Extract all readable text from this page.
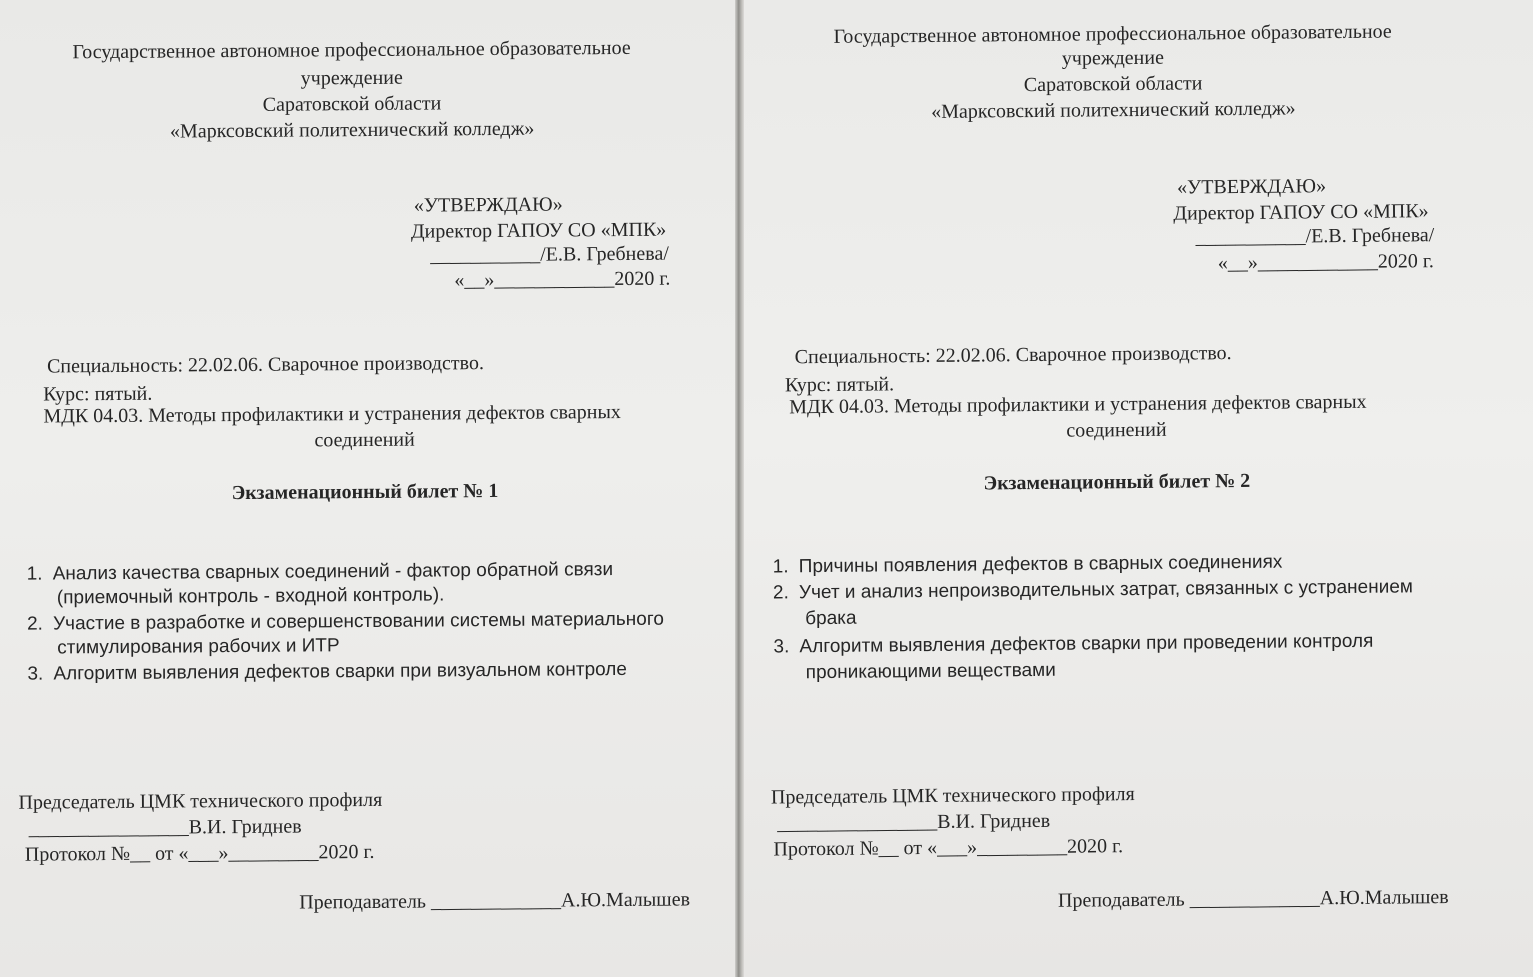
Государственное автономное профессиональное образовательное
учреждение
Саратовской области
«Марксовский политехнический колледж»
«УТВЕРЖДАЮ»
Директор ГАПОУ СО «МПК»
___________/Е.В. Гребнева/
«__»____________2020 г.
Специальность: 22.02.06. Сварочное производство.
Курс: пятый.
МДК 04.03. Методы профилактики и устранения дефектов сварных
соединений
Экзаменационный билет № 1
1. Анализ качества сварных соединений - фактор обратной связи
(приемочный контроль - входной контроль).
2. Участие в разработке и совершенствовании системы материального
стимулирования рабочих и ИТР
3. Алгоритм выявления дефектов сварки при визуальном контроле
Председатель ЦМК технического профиля
________________В.И. Гриднев
Протокол №__ от «___»_________2020 г.
Преподаватель _____________А.Ю.Малышев
Государственное автономное профессиональное образовательное
учреждение
Саратовской области
«Марксовский политехнический колледж»
«УТВЕРЖДАЮ»
Директор ГАПОУ СО «МПК»
___________/Е.В. Гребнева/
«__»____________2020 г.
Специальность: 22.02.06. Сварочное производство.
Курс: пятый.
МДК 04.03. Методы профилактики и устранения дефектов сварных
соединений
Экзаменационный билет № 2
1. Причины появления дефектов в сварных соединениях
2. Учет и анализ непроизводительных затрат, связанных с устранением
брака
3. Алгоритм выявления дефектов сварки при проведении контроля
проникающими веществами
Председатель ЦМК технического профиля
________________В.И. Гриднев
Протокол №__ от «___»_________2020 г.
Преподаватель _____________А.Ю.Малышев
